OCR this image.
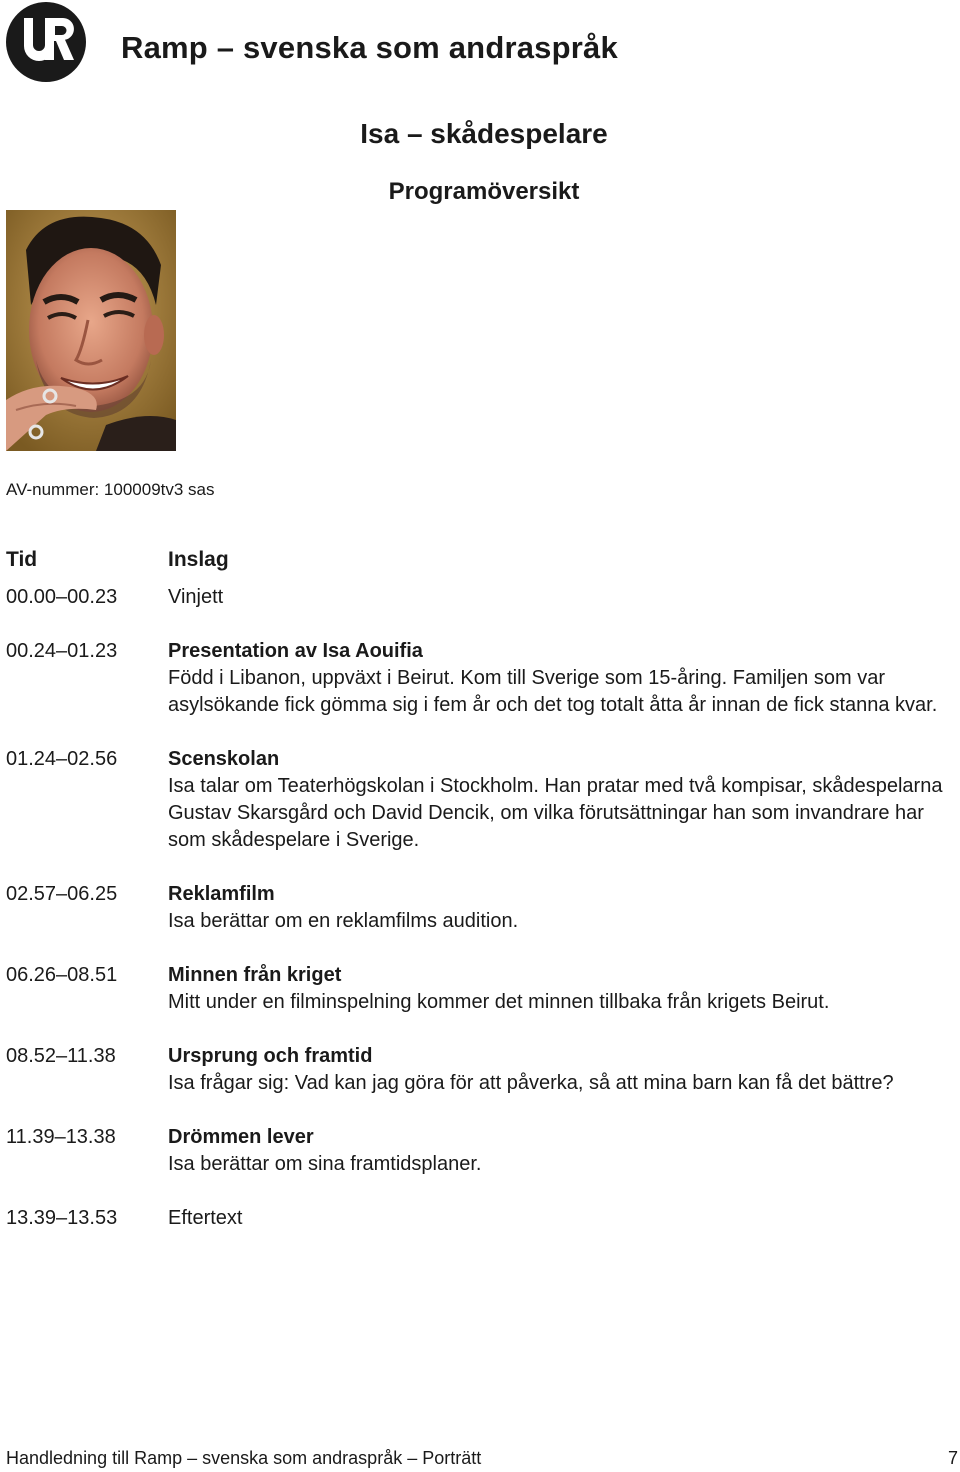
Ramp – svenska som andraspråk
Isa – skådespelare
Programöversikt
AV-nummer: 100009tv3 sas
Tid	Inslag
00.00–00.23	Vinjett
00.24–01.23	Presentation av Isa Aouifia
Född i Libanon, uppväxt i Beirut. Kom till Sverige som 15-åring. Familjen som var asylsökande fick gömma sig i fem år och det tog totalt åtta år innan de fick stanna kvar.
01.24–02.56	Scenskolan
Isa talar om Teaterhögskolan i Stockholm. Han pratar med två kompisar, skådespelarna Gustav Skarsgård och David Dencik, om vilka förutsättningar han som invandrare har som skådespelare i Sverige.
02.57–06.25	Reklamfilm
Isa berättar om en reklamfilms audition.
06.26–08.51	Minnen från kriget
Mitt under en filminspelning kommer det minnen tillbaka från krigets Beirut.
08.52–11.38	Ursprung och framtid
Isa frågar sig: Vad kan jag göra för att påverka, så att mina barn kan få det bättre?
11.39–13.38	Drömmen lever
Isa berättar om sina framtidsplaner.
13.39–13.53	Eftertext
Handledning till Ramp – svenska som andraspråk – Porträtt	7
